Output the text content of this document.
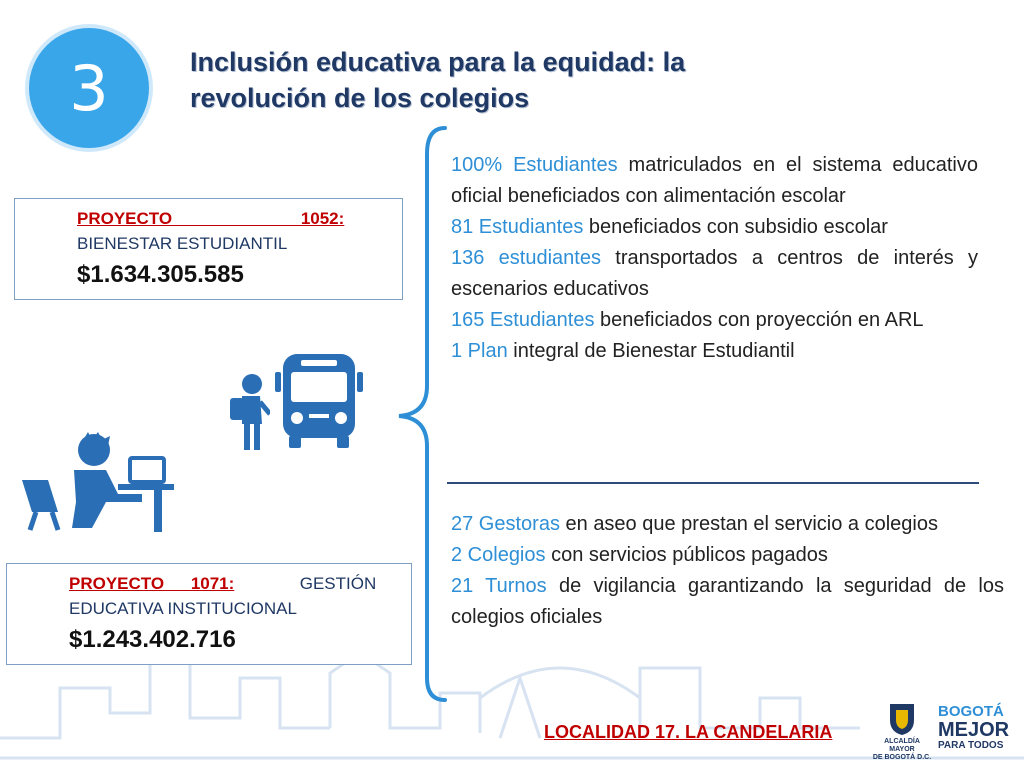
3	Inclusión educativa para la equidad: la
revolución de los colegios
PROYECTO 1052:
BIENESTAR ESTUDIANTIL
$1.634.305.585
PROYECTO 1071:	GESTIÓN
EDUCATIVA INSTITUCIONAL
$1.243.402.716

100% Estudiantes matriculados en el sistema educativo oficial beneficiados con alimentación escolar

81 Estudiantes beneficiados con subsidio escolar

136 estudiantes transportados a centros de interés y escenarios educativos

165 Estudiantes beneficiados con proyección en ARL

1 Plan integral de Bienestar Estudiantil

27 Gestoras en aseo que prestan el servicio a colegios

2 Colegios con servicios públicos pagados

21 Turnos de vigilancia garantizando la seguridad de los colegios oficiales

LOCALIDAD 17. LA CANDELARIA	ALCALDÍA MAYOR
DE BOGOTÁ D.C.
BOGOTÁ
MEJOR
PARA TODOS
